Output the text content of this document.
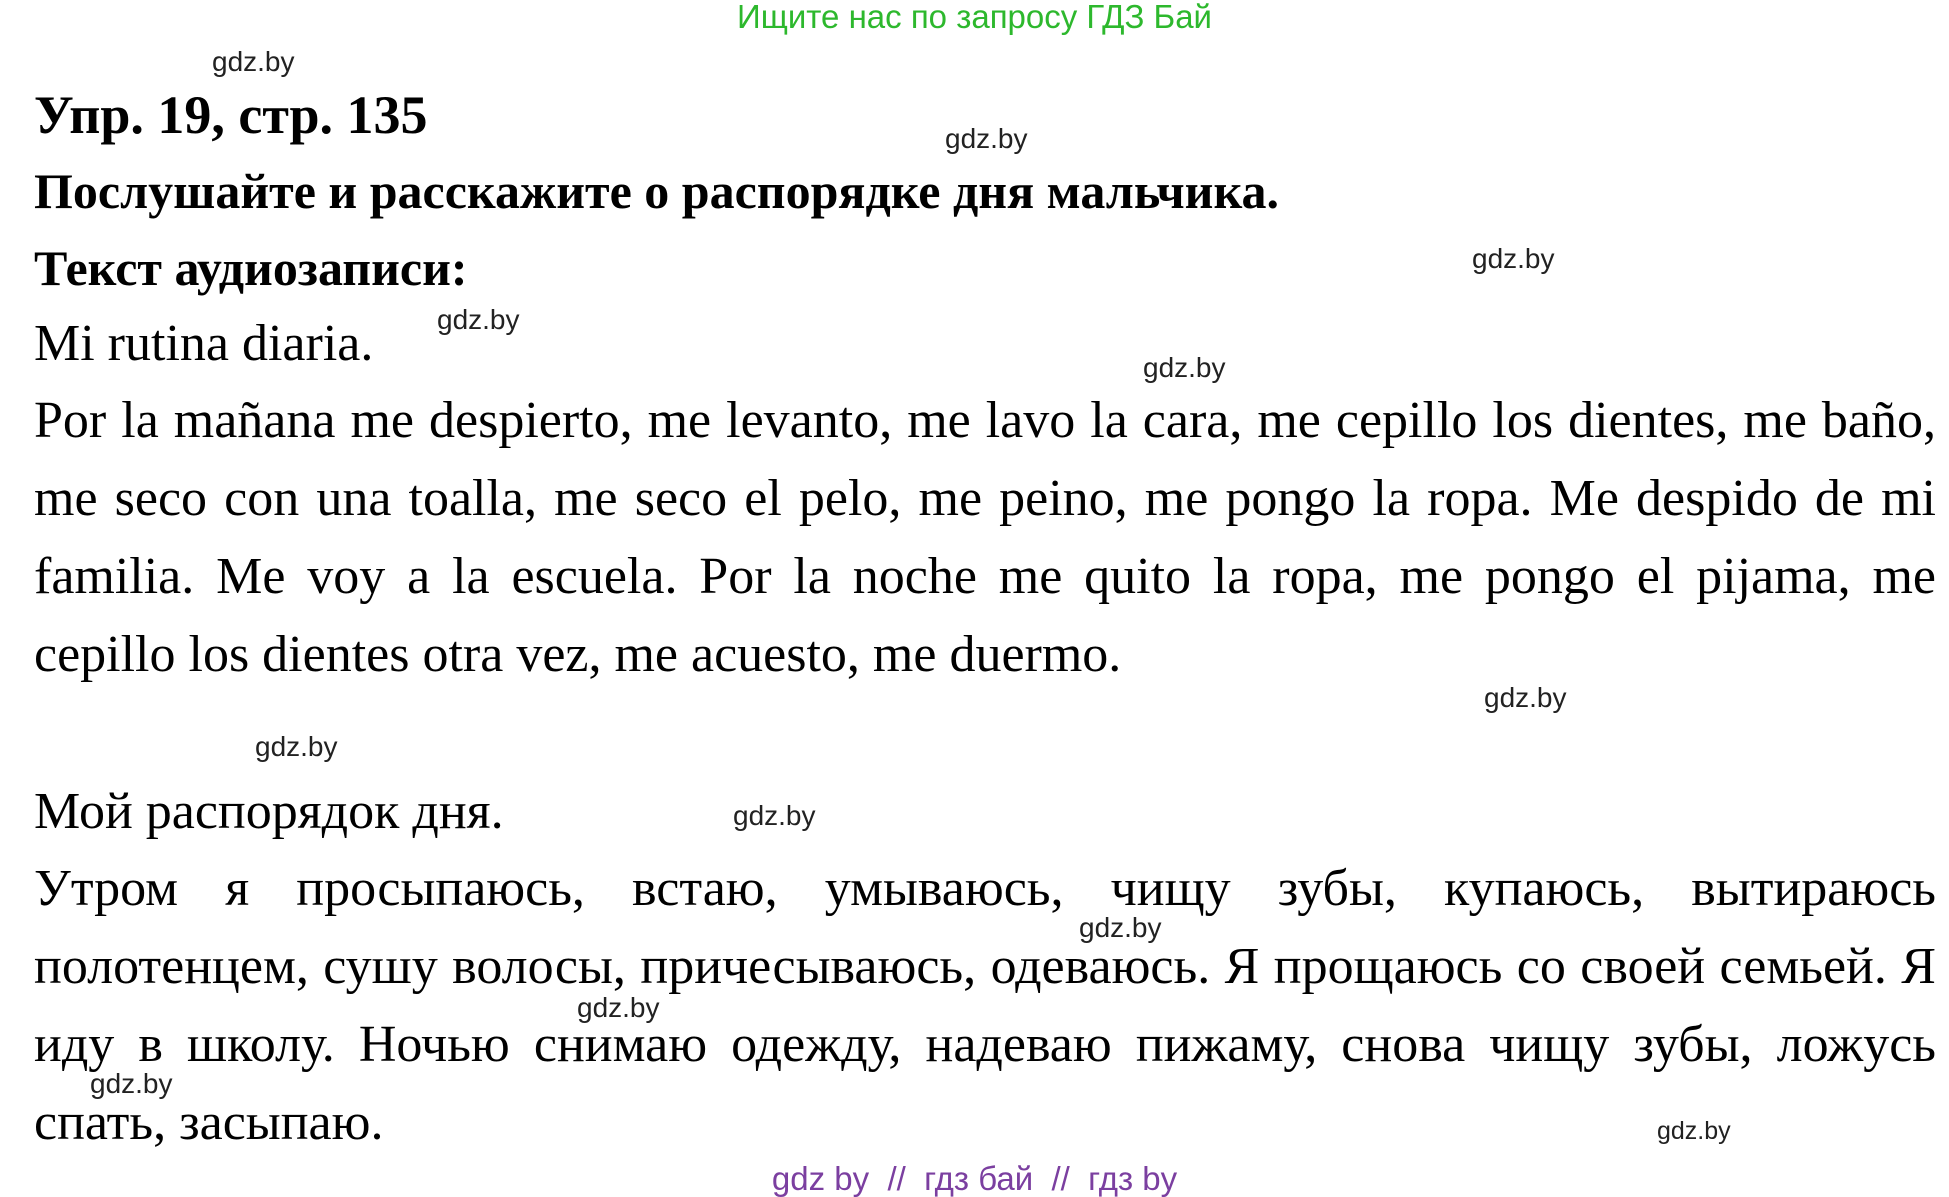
Ищите нас по запросу ГДЗ Бай
Упр. 19, стр. 135
Послушайте и расскажите о распорядке дня мальчика.
Текст аудиозаписи:
Mi rutina diaria.

Por la mañana me despierto, me levanto, me lavo la cara, me cepillo los dientes, me baño, me seco con una toalla, me seco el pelo, me peino, me pongo la ropa. Me despido de mi familia. Me voy a la escuela. Por la noche me quito la ropa, me pongo el pijama, me cepillo los dientes otra vez, me acuesto, me duermo.

Мой распорядок дня.

Утром я просыпаюсь, встаю, умываюсь, чищу зубы, купаюсь, вытираюсь полотенцем, сушу волосы, причесываюсь, одеваюсь. Я прощаюсь со своей семьей. Я иду в школу. Ночью снимаю одежду, надеваю пижаму, снова чищу зубы, ложусь спать, засыпаю.

gdz.by
gdz.by
gdz.by
gdz.by
gdz.by
gdz.by
gdz.by
gdz.by
gdz.by
gdz.by
gdz.by
gdz.by
gdz by  //  гдз бай  //  гдз by
